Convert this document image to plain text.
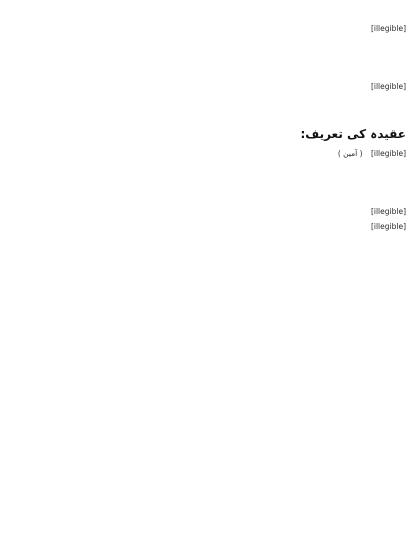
[illegible]

[illegible]

عقیدہ کی تعریف:

[illegible] ( آمین )

[illegible]
[illegible]
